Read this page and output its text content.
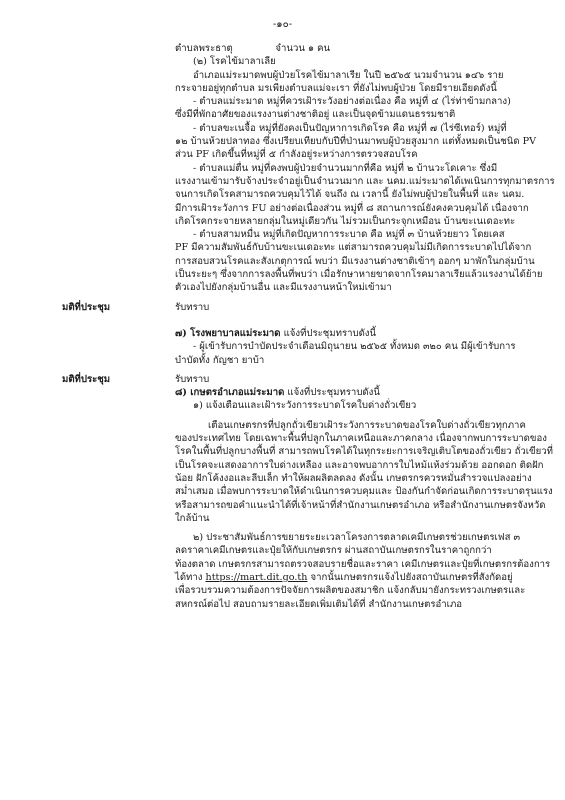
-๑๐-
ตำบลพระธาตุ              จำนวน ๑ คน
(๒) โรคไข้มาลาเลีย
อำเภอแม่ระมาดพบผู้ป่วยโรคไข้มาลาเรีย ในปี ๒๕๖๕ นวมจำนวน ๑๔๖ ราย
กระจายอยู่ทุกตำบล มรเพียงตำบลแม่จะเรา ที่ยังไม่พบผู้ป่วย โดยมีรายเอียดดังนี้
- ตำบลแม่ระมาด หมู่ที่ควรเฝ้าระวังอย่างต่อเนื่อง คือ หมู่ที่ ๔ (ไร่ท่าข้ามกลาง)
ซึ่งมีที่พักอาศัยของแรงงานต่างชาติอยู่ และเป็นจุดข้ามแดนธรรมชาติ
- ตำบลขะเนจื้อ หมู่ที่ยังคงเป็นปัญหาการเกิดโรค คือ หมู่ที่ ๗ (ไร่ซีเทอร์) หมู่ที่
๑๒ บ้านห้วยปลาทอง ซึ่งเปรียบเทียบกับปีที่ป่านมาพบผู้ป่วยสูงมาก แต่ทั้งหมดเป็นชนิด PV
ส่วน PF เกิดขึ้นที่หมู่ที่ ๕ กำลังอยู่ระหว่างการตรวจสอบโรค
- ตำบลแม่ตื่น หมู่ที่คงพบผู้ป่วยจำนวนมากที่คือ หมู่ที่ ๒ บ้านวะโดเคาะ ซึ่งมี
แรงงานเข้ามารับจ้างประจำอยู่เป็นจำนวนมาก และ นคม.แม่ระมาดได้เพเนินการทุกมาตรการ
จนการเกิดโรคสามารถควบคุมไว้ได้ จนถึง ณ เวลานี้ ยังไม่พบผู้ป่วยในพื้นที่ และ นคม.
มีการเฝ้าระวังการ FU อย่างต่อเนื่องส่วน หมู่ที่ ๘ สถานการณ์ยังคงควบคุมได้ เนื่องจาก
เกิดโรคกระจายหลายกลุ่มในหมู่เดียวกัน ไม่รวมเป็นกระจุกเหมือน บ้านขะเนเดอะทะ
- ตำบลสามหมื่น หมู่ที่เกิดปัญหาการระบาด คือ หมู่ที่ ๓ บ้านห้วยยาว โดยเคส
PF มีความสัมพันธ์กับบ้านขะเนเดอะทะ แต่สามารถควบคุมไม่มีเกิดการระบาดไปได้จาก
การสอบสวนโรคและสังเกตุการณ์ พบว่า มีแรงงานต่างชาติเข้าๆ ออกๆ มาพักในกลุ่มบ้าน
เป็นระยะๆ ซึ่งจากการลงพื้นที่พบว่า เมื่อรักษาหายขาดจากโรคมาลาเรียแล้วแรงงานได้ย้าย
ตัวเองไปยังกลุ่มบ้านอื่น และมีแรงงานหน้าใหม่เข้ามา
มติที่ประชุม	รับทราบ
๗) โรงพยาบาลแม่ระมาด แจ้งที่ประชุมทราบดังนี้
- ผู้เข้ารับการบำบัดประจำเดือนมิถุนายน ๒๕๖๕ ทั้งหมด ๓๒๐ คน มีผู้เข้ารับการ
บำบัดทั้ง กัญชา ยาบ้า
มติที่ประชุม	รับทราบ
๘) เกษตรอำเภอแม่ระมาด แจ้งที่ประชุมทราบดังนี้
๑) แจ้งเตือนและเฝ้าระวังการระบาดโรคใบด่างถั่วเขียว
เตือนเกษตรกรที่ปลูกถั่วเขียวเฝ้าระวังการระบาดของโรคใบด่างถั่วเขียวทุกภาค
ของประเทศไทย โดยเฉพาะพื้นที่ปลูกในภาคเหนือและภาคกลาง เนื่องจากพบการระบาดของ
โรคในพื้นที่ปลูกบางพื้นที่ สามารถพบโรคได้ในทุกระยะการเจริญเติบโตของถั่วเขียว ถั่วเขียวที่
เป็นโรคจะแสดงอาการใบด่างเหลือง และอาจพบอาการใบไหม้แห้งร่วมด้วย ออกดอก ติดฝัก
น้อย ฝักโค้งงอและลีบเล็ก ทำให้ผลผลิตลดลง ดังนั้น เกษตรกรควรหมั่นสำรวจแปลงอย่าง
สม่ำเสมอ เมื่อพบการระบาดให้ดำเนินการควบคุมและ ป้องกันกำจัดก่อนเกิดการระบาดรุนแรง
หรือสามารถขอคำแนะนำได้ที่เจ้าหน้าที่สำนักงานเกษตรอำเภอ หรือสำนักงานเกษตรจังหวัด
ใกล้บ้าน
๒) ประชาสัมพันธ์การขยายระยะเวลาโครงการตลาดเคมีเกษตรช่วยเกษตรเฟส ๓
ลดราคาเคมีเกษตรและปุ๋ยให้กับเกษตรกร ผ่านสถาบันเกษตรกรในราคาถูกกว่า
ท้องตลาด เกษตรกรสามารถตรวจสอบรายชื่อและราคา เคมีเกษตรและปุ๋ยที่เกษตรกรต้องการ
ได้ทาง https://mart.dit.go.th จากนั้นเกษตรกรแจ้งไปยังสถาบันเกษตรที่สังกัดอยู่
เพื่อรวบรวมความต้องการปัจจัยการผลิตของสมาชิก แจ้งกลับมายังกระทรวงเกษตรและ
สหกรณ์ต่อไป สอบถามรายละเอียดเพิ่มเติมได้ที่ สำนักงานเกษตรอำเภอ
